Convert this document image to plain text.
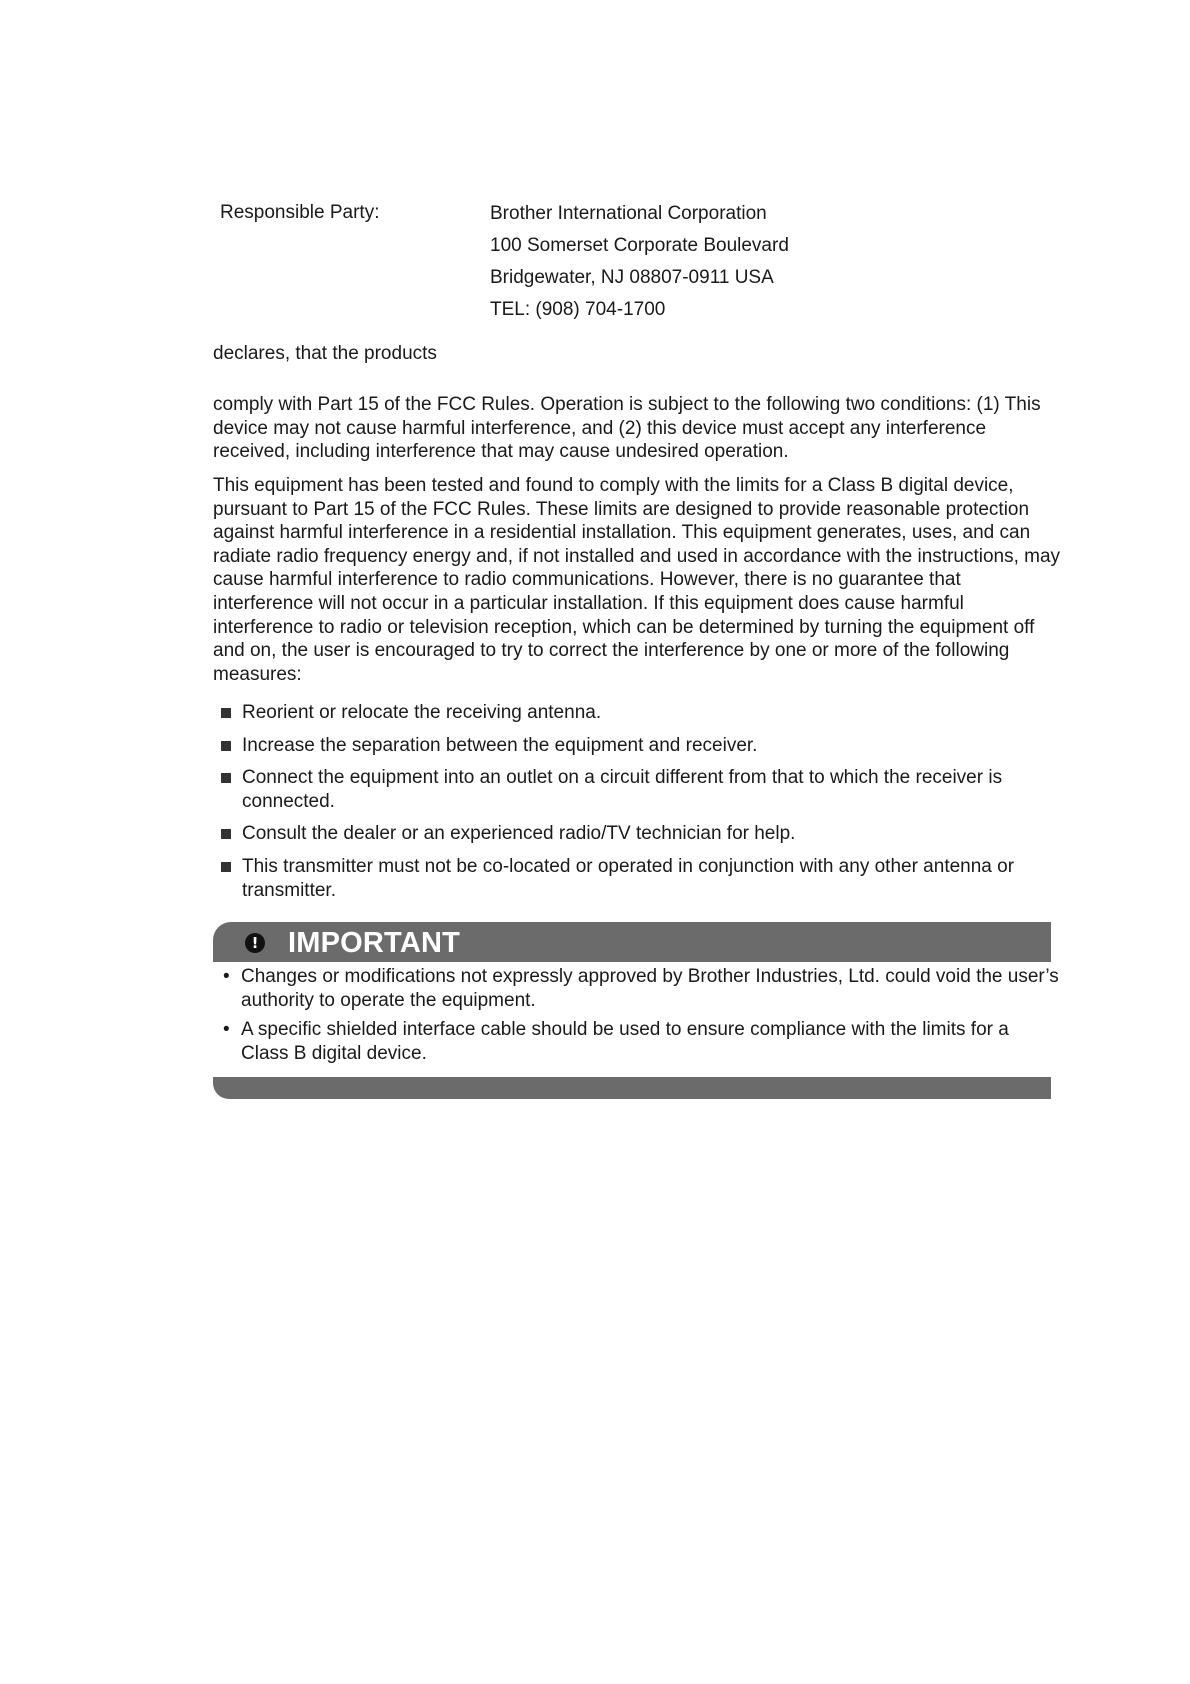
Responsible Party:	Brother International Corporation
100 Somerset Corporate Boulevard
Bridgewater, NJ 08807-0911 USA
TEL: (908) 704-1700
declares, that the products
comply with Part 15 of the FCC Rules. Operation is subject to the following two conditions: (1) This device may not cause harmful interference, and (2) this device must accept any interference received, including interference that may cause undesired operation.
This equipment has been tested and found to comply with the limits for a Class B digital device, pursuant to Part 15 of the FCC Rules. These limits are designed to provide reasonable protection against harmful interference in a residential installation. This equipment generates, uses, and can radiate radio frequency energy and, if not installed and used in accordance with the instructions, may cause harmful interference to radio communications. However, there is no guarantee that interference will not occur in a particular installation. If this equipment does cause harmful interference to radio or television reception, which can be determined by turning the equipment off and on, the user is encouraged to try to correct the interference by one or more of the following measures:
Reorient or relocate the receiving antenna.
Increase the separation between the equipment and receiver.
Connect the equipment into an outlet on a circuit different from that to which the receiver is connected.
Consult the dealer or an experienced radio/TV technician for help.
This transmitter must not be co-located or operated in conjunction with any other antenna or transmitter.
! IMPORTANT
• Changes or modifications not expressly approved by Brother Industries, Ltd. could void the user’s authority to operate the equipment.
• A specific shielded interface cable should be used to ensure compliance with the limits for a Class B digital device.
